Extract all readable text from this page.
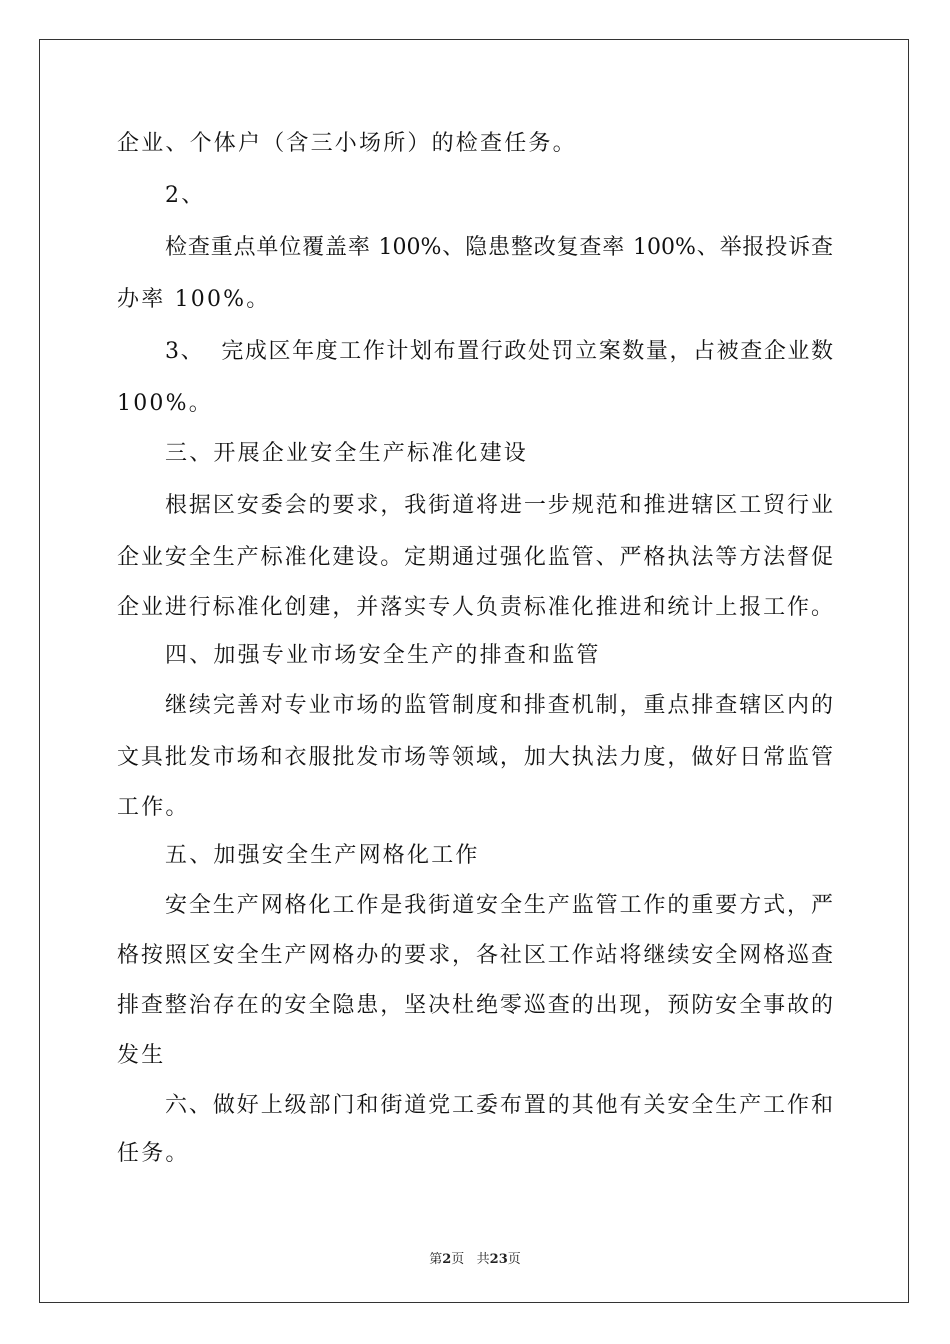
企业、个体户（含三小场所）的检查任务。
2、
检查重点单位覆盖率 100%、隐患整改复查率 100%、举报投诉查
办率 100%。
3、  完成区年度工作计划布置行政处罚立案数量，占被查企业数
100%。
三、开展企业安全生产标准化建设
根据区安委会的要求，我街道将进一步规范和推进辖区工贸行业
企业安全生产标准化建设。定期通过强化监管、严格执法等方法督促
企业进行标准化创建，并落实专人负责标准化推进和统计上报工作。
四、加强专业市场安全生产的排查和监管
继续完善对专业市场的监管制度和排查机制，重点排查辖区内的
文具批发市场和衣服批发市场等领域，加大执法力度，做好日常监管
工作。
五、加强安全生产网格化工作
安全生产网格化工作是我街道安全生产监管工作的重要方式，严
格按照区安全生产网格办的要求，各社区工作站将继续安全网格巡查
排查整治存在的安全隐患，坚决杜绝零巡查的出现，预防安全事故的
发生
六、做好上级部门和街道党工委布置的其他有关安全生产工作和
任务。
第2页   共23页
